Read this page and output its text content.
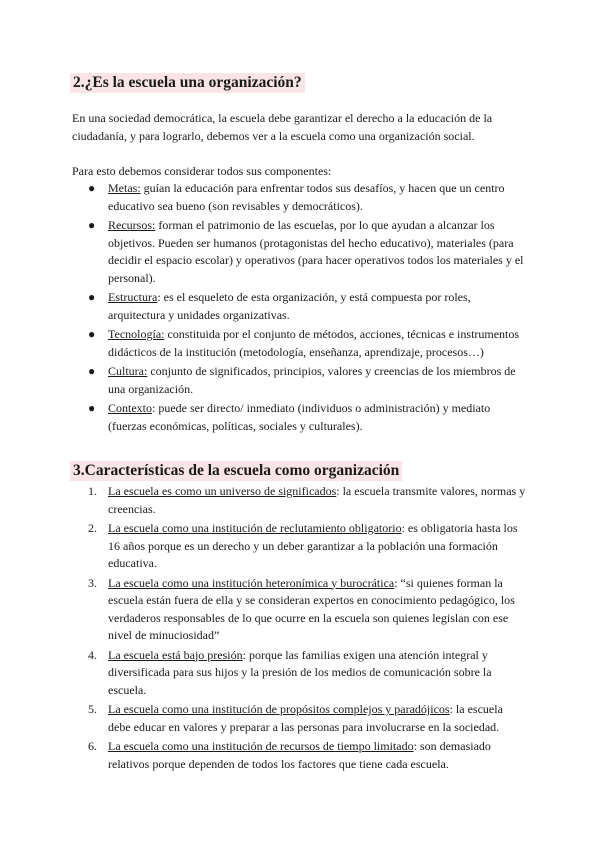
2.¿Es la escuela una organización?

En una sociedad democrática, la escuela debe garantizar el derecho a la educación de la ciudadanía, y para lograrlo, debemos ver a la escuela como una organización social.

Para esto debemos considerar todos sus componentes:

● Metas: guían la educación para enfrentar todos sus desafíos, y hacen que un centro educativo sea bueno (son revisables y democráticos).
● Recursos: forman el patrimonio de las escuelas, por lo que ayudan a alcanzar los objetivos. Pueden ser humanos (protagonistas del hecho educativo), materiales (para decidir el espacio escolar) y operativos (para hacer operativos todos los materiales y el personal).
● Estructura: es el esqueleto de esta organización, y está compuesta por roles, arquitectura y unidades organizativas.
● Tecnología: constituida por el conjunto de métodos, acciones, técnicas e instrumentos didácticos de la institución (metodología, enseñanza, aprendizaje, procesos…)
● Cultura: conjunto de significados, principios, valores y creencias de los miembros de una organización.
● Contexto: puede ser directo/ inmediato (individuos o administración) y mediato (fuerzas económicas, políticas, sociales y culturales).
3.Características de la escuela como organización
1. La escuela es como un universo de significados: la escuela transmite valores, normas y creencias.
2. La escuela como una institución de reclutamiento obligatorio: es obligatoria hasta los 16 años porque es un derecho y un deber garantizar a la población una formación educativa.
3. La escuela como una institución heteronímica y burocrática: “si quienes forman la escuela están fuera de ella y se consideran expertos en conocimiento pedagógico, los verdaderos responsables de lo que ocurre en la escuela son quienes legislan con ese nivel de minuciosidad”
4. La escuela está bajo presión: porque las familias exigen una atención integral y diversificada para sus hijos y la presión de los medios de comunicación sobre la escuela.
5. La escuela como una institución de propósitos complejos y paradójicos: la escuela debe educar en valores y preparar a las personas para involucrarse en la sociedad.
6. La escuela como una institución de recursos de tiempo limitado: son demasiado relativos porque dependen de todos los factores que tiene cada escuela.
